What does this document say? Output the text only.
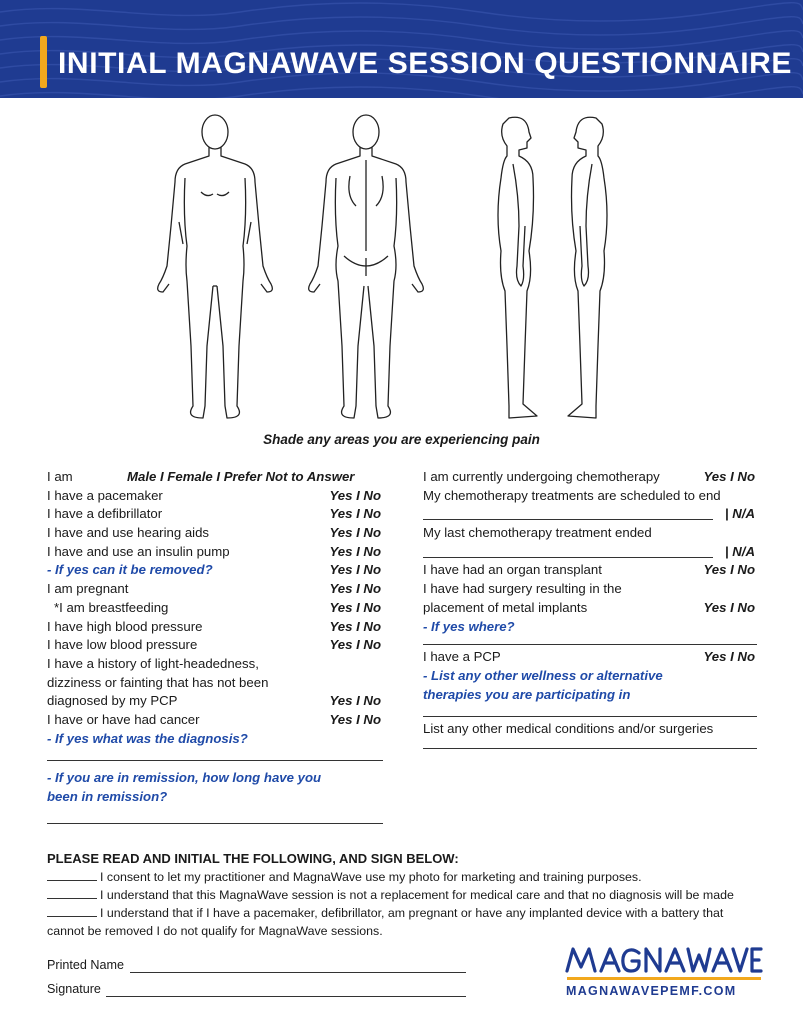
INITIAL MAGNAWAVE SESSION QUESTIONNAIRE
Shade any areas you are experiencing pain
I am	Male I Female I Prefer Not to Answer
I have a pacemaker	Yes I No
I have a defibrillator	Yes I No
I have and use hearing aids	Yes I No
I have and use an insulin pump	Yes I No
- If yes can it be removed?	Yes I No
I am pregnant	Yes I No
*I am breastfeeding	Yes I No
I have high blood pressure	Yes I No
I have low blood pressure	Yes I No
I have a history of light-headedness,
dizziness or fainting that has not been
diagnosed by my PCP	Yes I No
I have or have had cancer	Yes I No
- If yes what was the diagnosis?
- If you are in remission, how long have you
been in remission?
I am currently undergoing chemotherapy	Yes I No
My chemotherapy treatments are scheduled to end
| N/A
My last chemotherapy treatment ended
| N/A
I have had an organ transplant	Yes I No
I have had surgery resulting in the
placement of metal implants	Yes I No
- If yes where?
I have a PCP	Yes I No
- List any other wellness or alternative
therapies you are participating in
List any other medical conditions and/or surgeries
PLEASE READ AND INITIAL THE FOLLOWING, AND SIGN BELOW:
I consent to let my practitioner and MagnaWave use my photo for marketing and training purposes.
I understand that this MagnaWave session is not a replacement for medical care and that no diagnosis will be made
I understand that if I have a pacemaker, defibrillator, am pregnant or have any implanted device with a battery that
cannot be removed I do not qualify for MagnaWave sessions.
Printed Name
Signature	MAGNAWAVEPEMF.COM
